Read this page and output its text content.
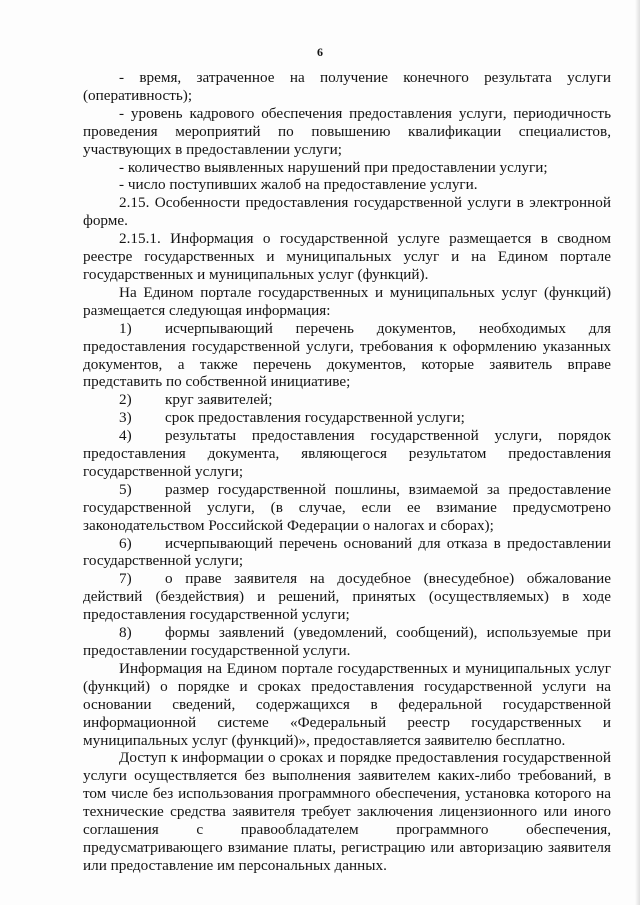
6

- время, затраченное на получение конечного результата услуги (оперативность);

- уровень кадрового обеспечения предоставления услуги, периодичность проведения мероприятий по повышению квалификации специалистов, участвующих в предоставлении услуги;

- количество выявленных нарушений при предоставлении услуги;

- число поступивших жалоб на предоставление услуги.

2.15. Особенности предоставления государственной услуги в электронной форме.

2.15.1. Информация о государственной услуге размещается в сводном реестре государственных и муниципальных услуг и на Едином портале государственных и муниципальных услуг (функций).

На Едином портале государственных и муниципальных услуг (функций) размещается следующая информация:

1) исчерпывающий перечень документов, необходимых для предоставления государственной услуги, требования к оформлению указанных документов, а также перечень документов, которые заявитель вправе представить по собственной инициативе;

2) круг заявителей;

3) срок предоставления государственной услуги;

4) результаты предоставления государственной услуги, порядок предоставления документа, являющегося результатом предоставления государственной услуги;

5) размер государственной пошлины, взимаемой за предоставление государственной услуги, (в случае, если ее взимание предусмотрено законодательством Российской Федерации о налогах и сборах);

6) исчерпывающий перечень оснований для отказа в предоставлении государственной услуги;

7) о праве заявителя на досудебное (внесудебное) обжалование действий (бездействия) и решений, принятых (осуществляемых) в ходе предоставления государственной услуги;

8) формы заявлений (уведомлений, сообщений), используемые при предоставлении государственной услуги.

Информация на Едином портале государственных и муниципальных услуг (функций) о порядке и сроках предоставления государственной услуги на основании сведений, содержащихся в федеральной государственной информационной системе «Федеральный реестр государственных и муниципальных услуг (функций)», предоставляется заявителю бесплатно.

Доступ к информации о сроках и порядке предоставления государственной услуги осуществляется без выполнения заявителем каких-либо требований, в том числе без использования программного обеспечения, установка которого на технические средства заявителя требует заключения лицензионного или иного соглашения с правообладателем программного обеспечения, предусматривающего взимание платы, регистрацию или авторизацию заявителя или предоставление им персональных данных.
